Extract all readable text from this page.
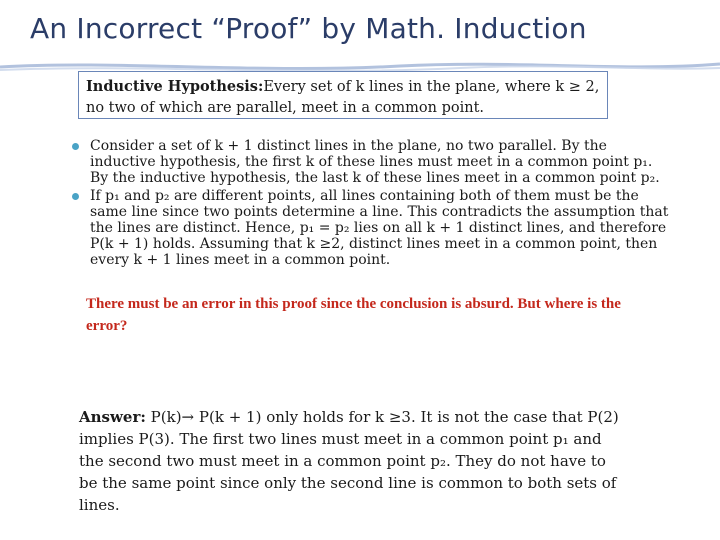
An Incorrect “Proof” by Math. Induction
Inductive Hypothesis:Every set of k lines in the plane, where k ≥ 2, no two of which are parallel, meet in a common point.
Consider a set of k + 1 distinct lines in the plane, no two parallel. By the inductive hypothesis, the first k of these lines must meet in a common point p₁. By the inductive hypothesis, the last k of these lines meet in a common point p₂.
If p₁ and p₂ are different points, all lines containing both of them must be the same line since two points determine a line. This contradicts the assumption that the lines are distinct. Hence, p₁ = p₂ lies on all k + 1 distinct lines, and therefore P(k + 1) holds. Assuming that k ≥2, distinct lines meet in a common point, then every k + 1 lines meet in a common point.
There must be an error in this proof since the conclusion is absurd. But where is the error?
Answer: P(k)→ P(k + 1) only holds for k ≥3. It is not the case that P(2) implies P(3). The first two lines must meet in a common point p₁ and the second two must meet in a common point p₂. They do not have to be the same point since only the second line is common to both sets of lines.
